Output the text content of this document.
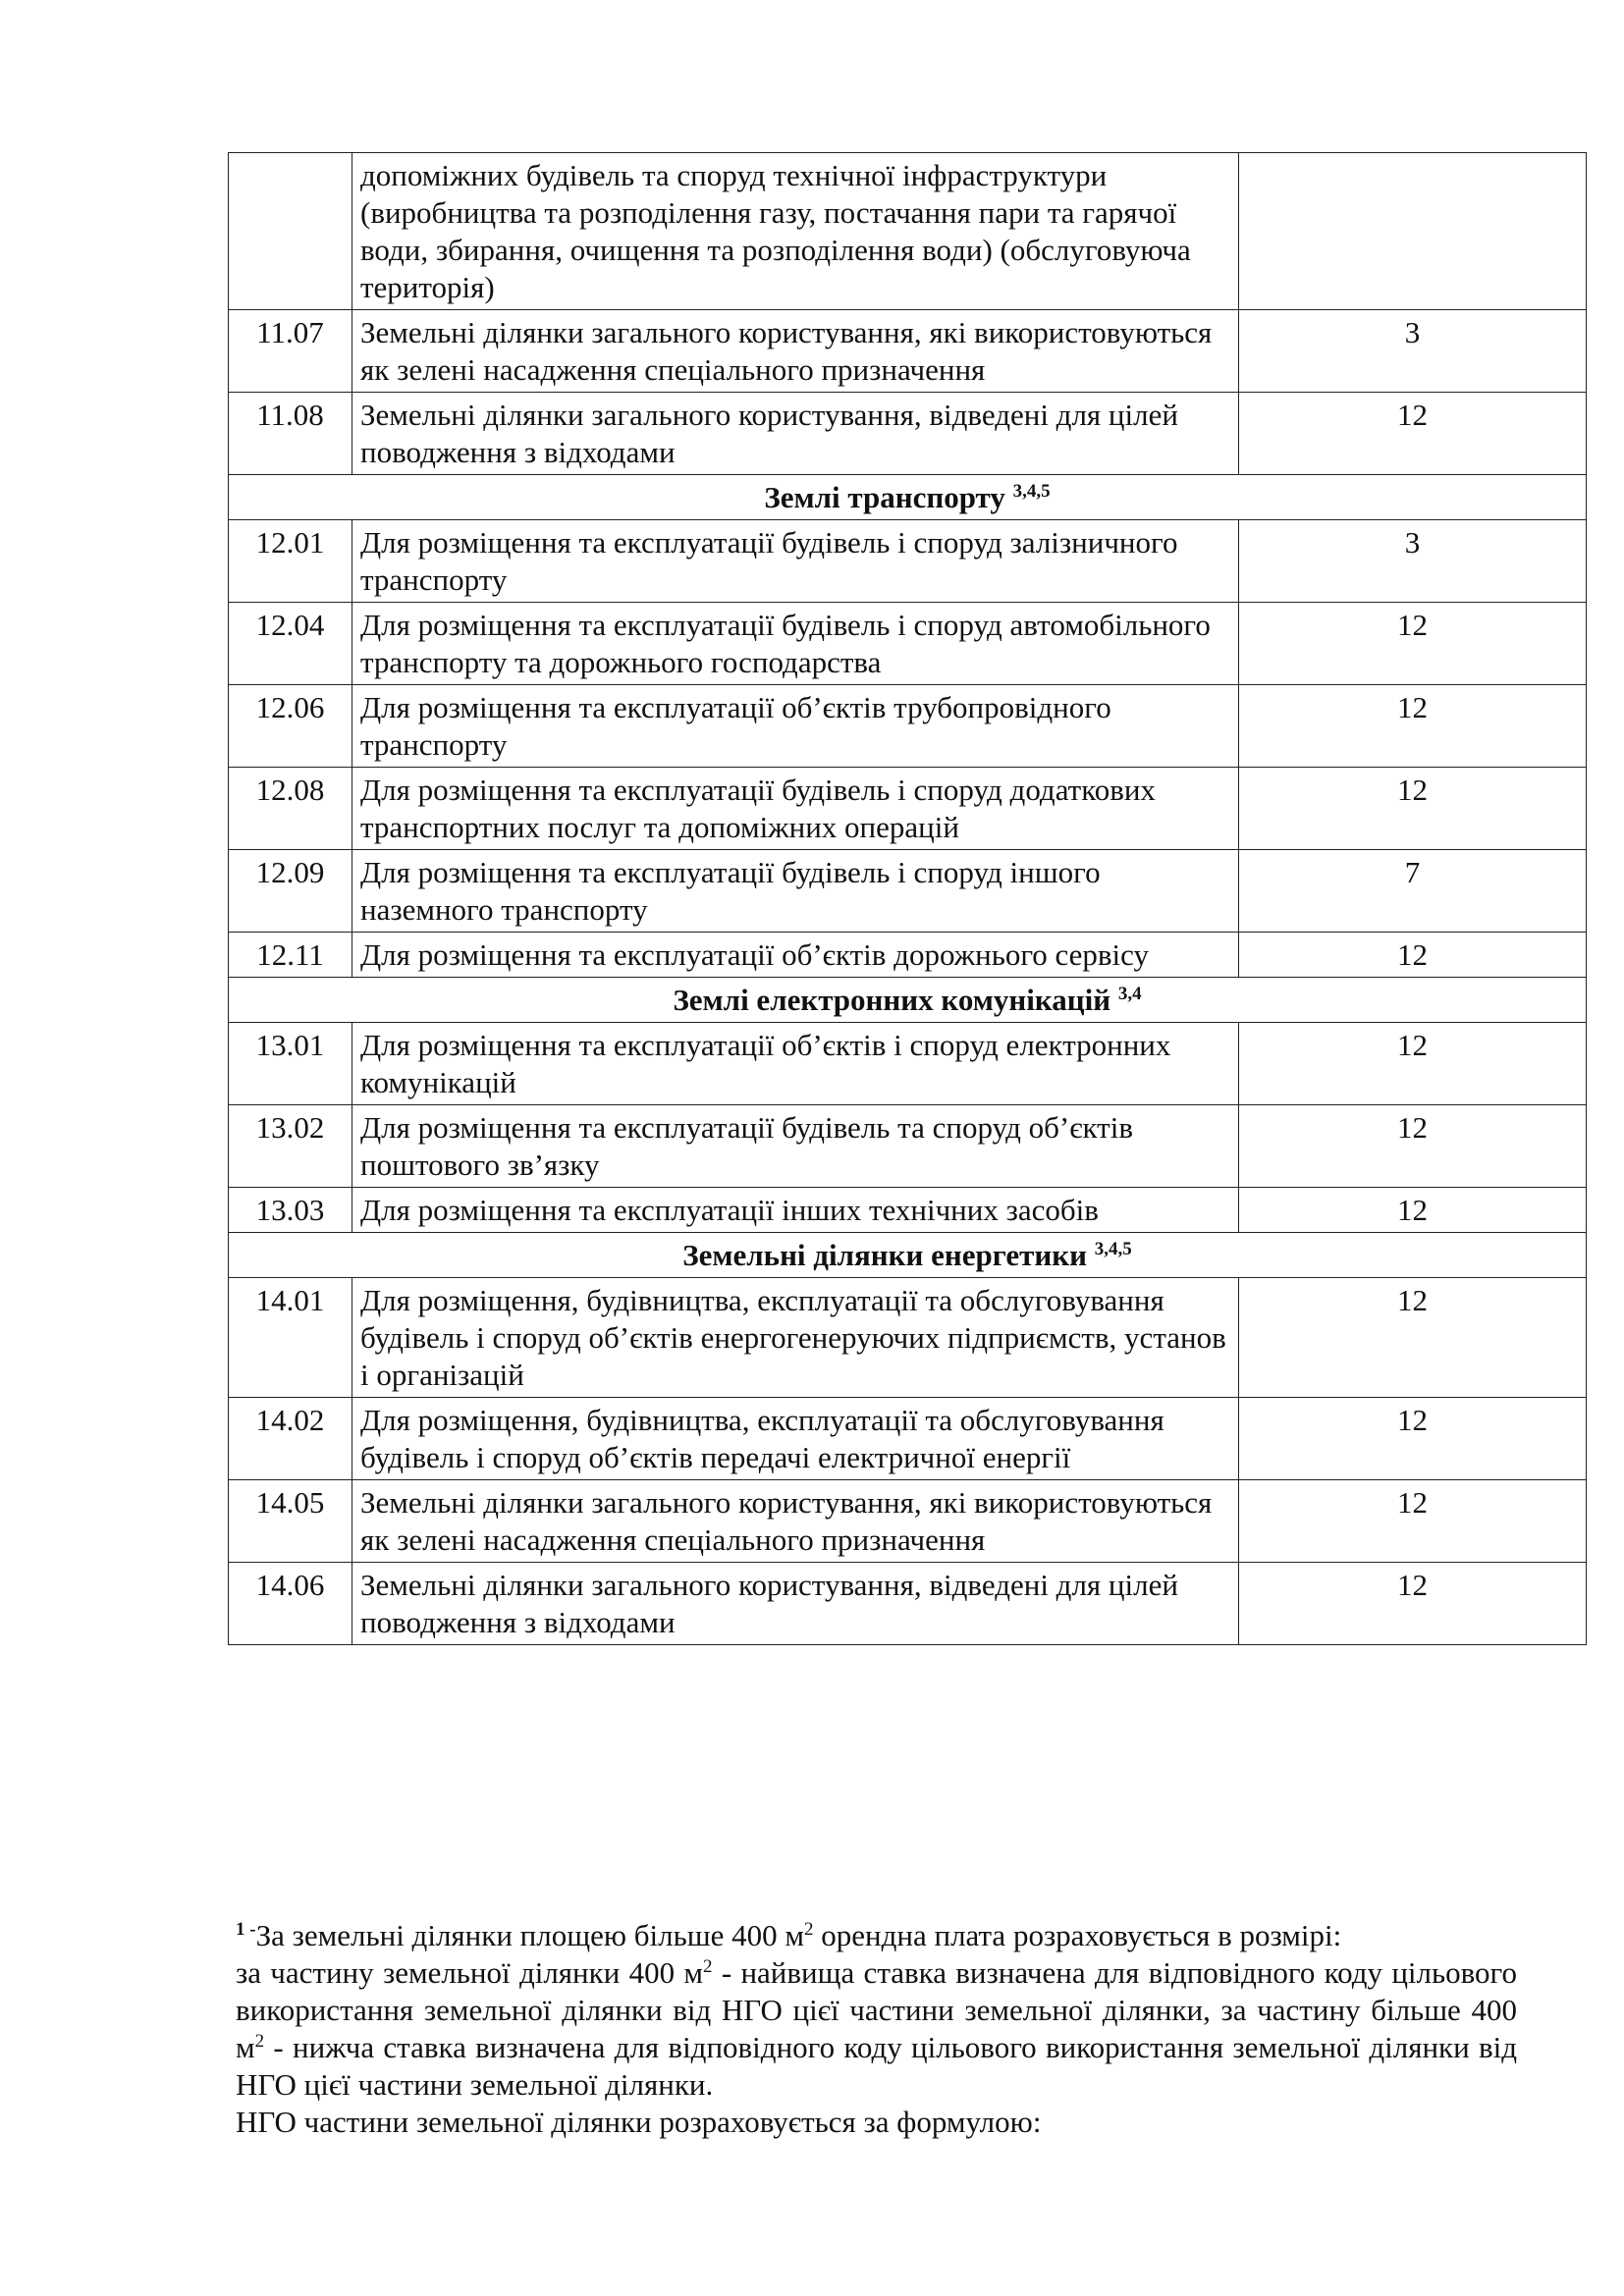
	допоміжних будівель та споруд технічної інфраструктури (виробництва та розподілення газу, постачання пари та гарячої води, збирання, очищення та розподілення води) (обслуговуюча територія)	
11.07	Земельні ділянки загального користування, які використовуються як зелені насадження спеціального призначення	3
11.08	Земельні ділянки загального користування, відведені для цілей поводження з відходами	12
Землі транспорту $^{3,4,5}$
12.01	Для розміщення та експлуатації будівель і споруд залізничного транспорту	3
12.04	Для розміщення та експлуатації будівель і споруд автомобільного транспорту та дорожнього господарства	12
12.06	Для розміщення та експлуатації об’єктів трубопровідного транспорту	12
12.08	Для розміщення та експлуатації будівель і споруд додаткових транспортних послуг та допоміжних операцій	12
12.09	Для розміщення та експлуатації будівель і споруд іншого наземного транспорту	7
12.11	Для розміщення та експлуатації об’єктів дорожнього сервісу	12
Землі електронних комунікацій $^{3,4}$
13.01	Для розміщення та експлуатації об’єктів і споруд електронних комунікацій	12
13.02	Для розміщення та експлуатації будівель та споруд об’єктів поштового зв’язку	12
13.03	Для розміщення та експлуатації інших технічних засобів	12
Земельні ділянки енергетики $^{3,4,5}$
14.01	Для розміщення, будівництва, експлуатації та обслуговування будівель і споруд об’єктів енергогенеруючих підприємств, установ і організацій	12
14.02	Для розміщення, будівництва, експлуатації та обслуговування будівель і споруд об’єктів передачі електричної енергії	12
14.05	Земельні ділянки загального користування, які використовуються як зелені насадження спеціального призначення	12
14.06	Земельні ділянки загального користування, відведені для цілей поводження з відходами	12

$^{1 -}$За земельні ділянки площею більше 400 $м^2$ орендна плата розраховується в розмірі:

за частину земельної ділянки 400 $м^2$ - найвища ставка визначена для відповідного коду цільового використання земельної ділянки від НГО цієї частини земельної ділянки, за частину більше 400 $м^2$ - нижча ставка визначена для відповідного коду цільового використання земельної ділянки від НГО цієї частини земельної ділянки.

НГО частини земельної ділянки розраховується за формулою:
